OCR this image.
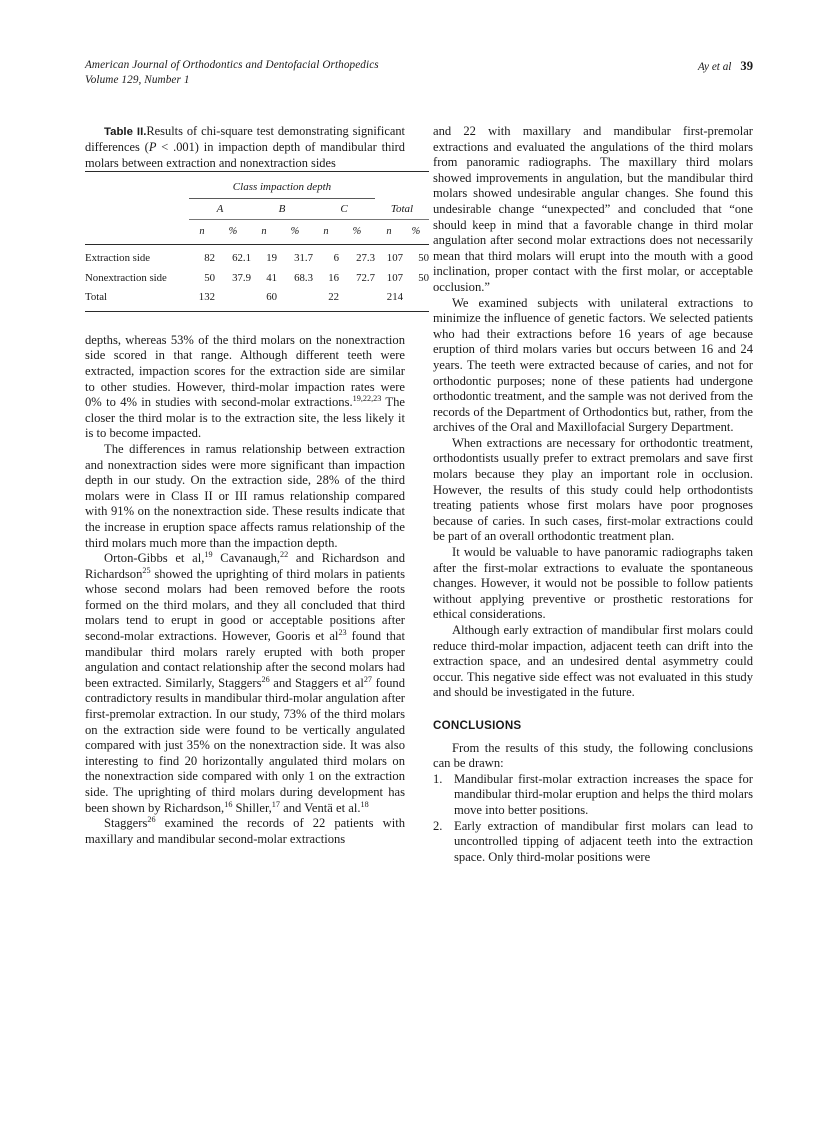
American Journal of Orthodontics and Dentofacial Orthopedics
Volume 129, Number 1
Ay et al 39

Table II.Results of chi-square test demonstrating significant differences (P < .001) in impaction depth of mandibular third molars between extraction and nonextraction sides

	Class impaction depth							
	A		B		C		Total	
	n	%	n	%	n	%	n	%

Extraction side	82	62.1	19	31.7	6	27.3	107	50
Nonextraction side	50	37.9	41	68.3	16	72.7	107	50
Total	132		60		22		214	

depths, whereas 53% of the third molars on the nonextraction side scored in that range. Although different teeth were extracted, impaction scores for the extraction side are similar to other studies. However, third-molar impaction rates were 0% to 4% in studies with second-molar extractions.$^{19,22,23}$ The closer the third molar is to the extraction site, the less likely it is to become impacted.

The differences in ramus relationship between extraction and nonextraction sides were more significant than impaction depth in our study. On the extraction side, 28% of the third molars were in Class II or III ramus relationship compared with 91% on the nonextraction side. These results indicate that the increase in eruption space affects ramus relationship of the third molars much more than the impaction depth.

Orton-Gibbs et al,$^{19}$ Cavanaugh,$^{22}$ and Richardson and Richardson$^{25}$ showed the uprighting of third molars in patients whose second molars had been removed before the roots formed on the third molars, and they all concluded that third molars tend to erupt in good or acceptable positions after second-molar extractions. However, Gooris et $al^{23}$ found that mandibular third molars rarely erupted with both proper angulation and contact relationship after the second molars had been extracted. Similarly, Staggers$^{26}$ and Staggers et $al^{27}$ found contradictory results in mandibular third-molar angulation after first-premolar extraction. In our study, 73% of the third molars on the extraction side were found to be vertically angulated compared with just 35% on the nonextraction side. It was also interesting to find 20 horizontally angulated third molars on the nonextraction side compared with only 1 on the extraction side. The uprighting of third molars during development has been shown by Richardson,$^{16}$ Shiller,$^{17}$ and Ventä et al.$^{18}$

Staggers$^{26}$ examined the records of 22 patients with maxillary and mandibular second-molar extractions

and 22 with maxillary and mandibular first-premolar extractions and evaluated the angulations of the third molars from panoramic radiographs. The maxillary third molars showed improvements in angulation, but the mandibular third molars showed undesirable angular changes. She found this undesirable change “unexpected” and concluded that “one should keep in mind that a favorable change in third molar angulation after second molar extractions does not necessarily mean that third molars will erupt into the mouth with a good inclination, proper contact with the first molar, or acceptable occlusion.”

We examined subjects with unilateral extractions to minimize the influence of genetic factors. We selected patients who had their extractions before 16 years of age because eruption of third molars varies but occurs between 16 and 24 years. The teeth were extracted because of caries, and not for orthodontic purposes; none of these patients had undergone orthodontic treatment, and the sample was not derived from the records of the Department of Orthodontics but, rather, from the archives of the Oral and Maxillofacial Surgery Department.

When extractions are necessary for orthodontic treatment, orthodontists usually prefer to extract premolars and save first molars because they play an important role in occlusion. However, the results of this study could help orthodontists treating patients whose first molars have poor prognoses because of caries. In such cases, first-molar extractions could be part of an overall orthodontic treatment plan.

It would be valuable to have panoramic radiographs taken after the first-molar extractions to evaluate the spontaneous changes. However, it would not be possible to follow patients without applying preventive or prosthetic restorations for ethical considerations.

Although early extraction of mandibular first molars could reduce third-molar impaction, adjacent teeth can drift into the extraction space, and an undesired dental asymmetry could occur. This negative side effect was not evaluated in this study and should be investigated in the future.

CONCLUSIONS

From the results of this study, the following conclusions can be drawn:

1. Mandibular first-molar extraction increases the space for mandibular third-molar eruption and helps the third molars move into better positions.
2. Early extraction of mandibular first molars can lead to uncontrolled tipping of adjacent teeth into the extraction space. Only third-molar positions were
